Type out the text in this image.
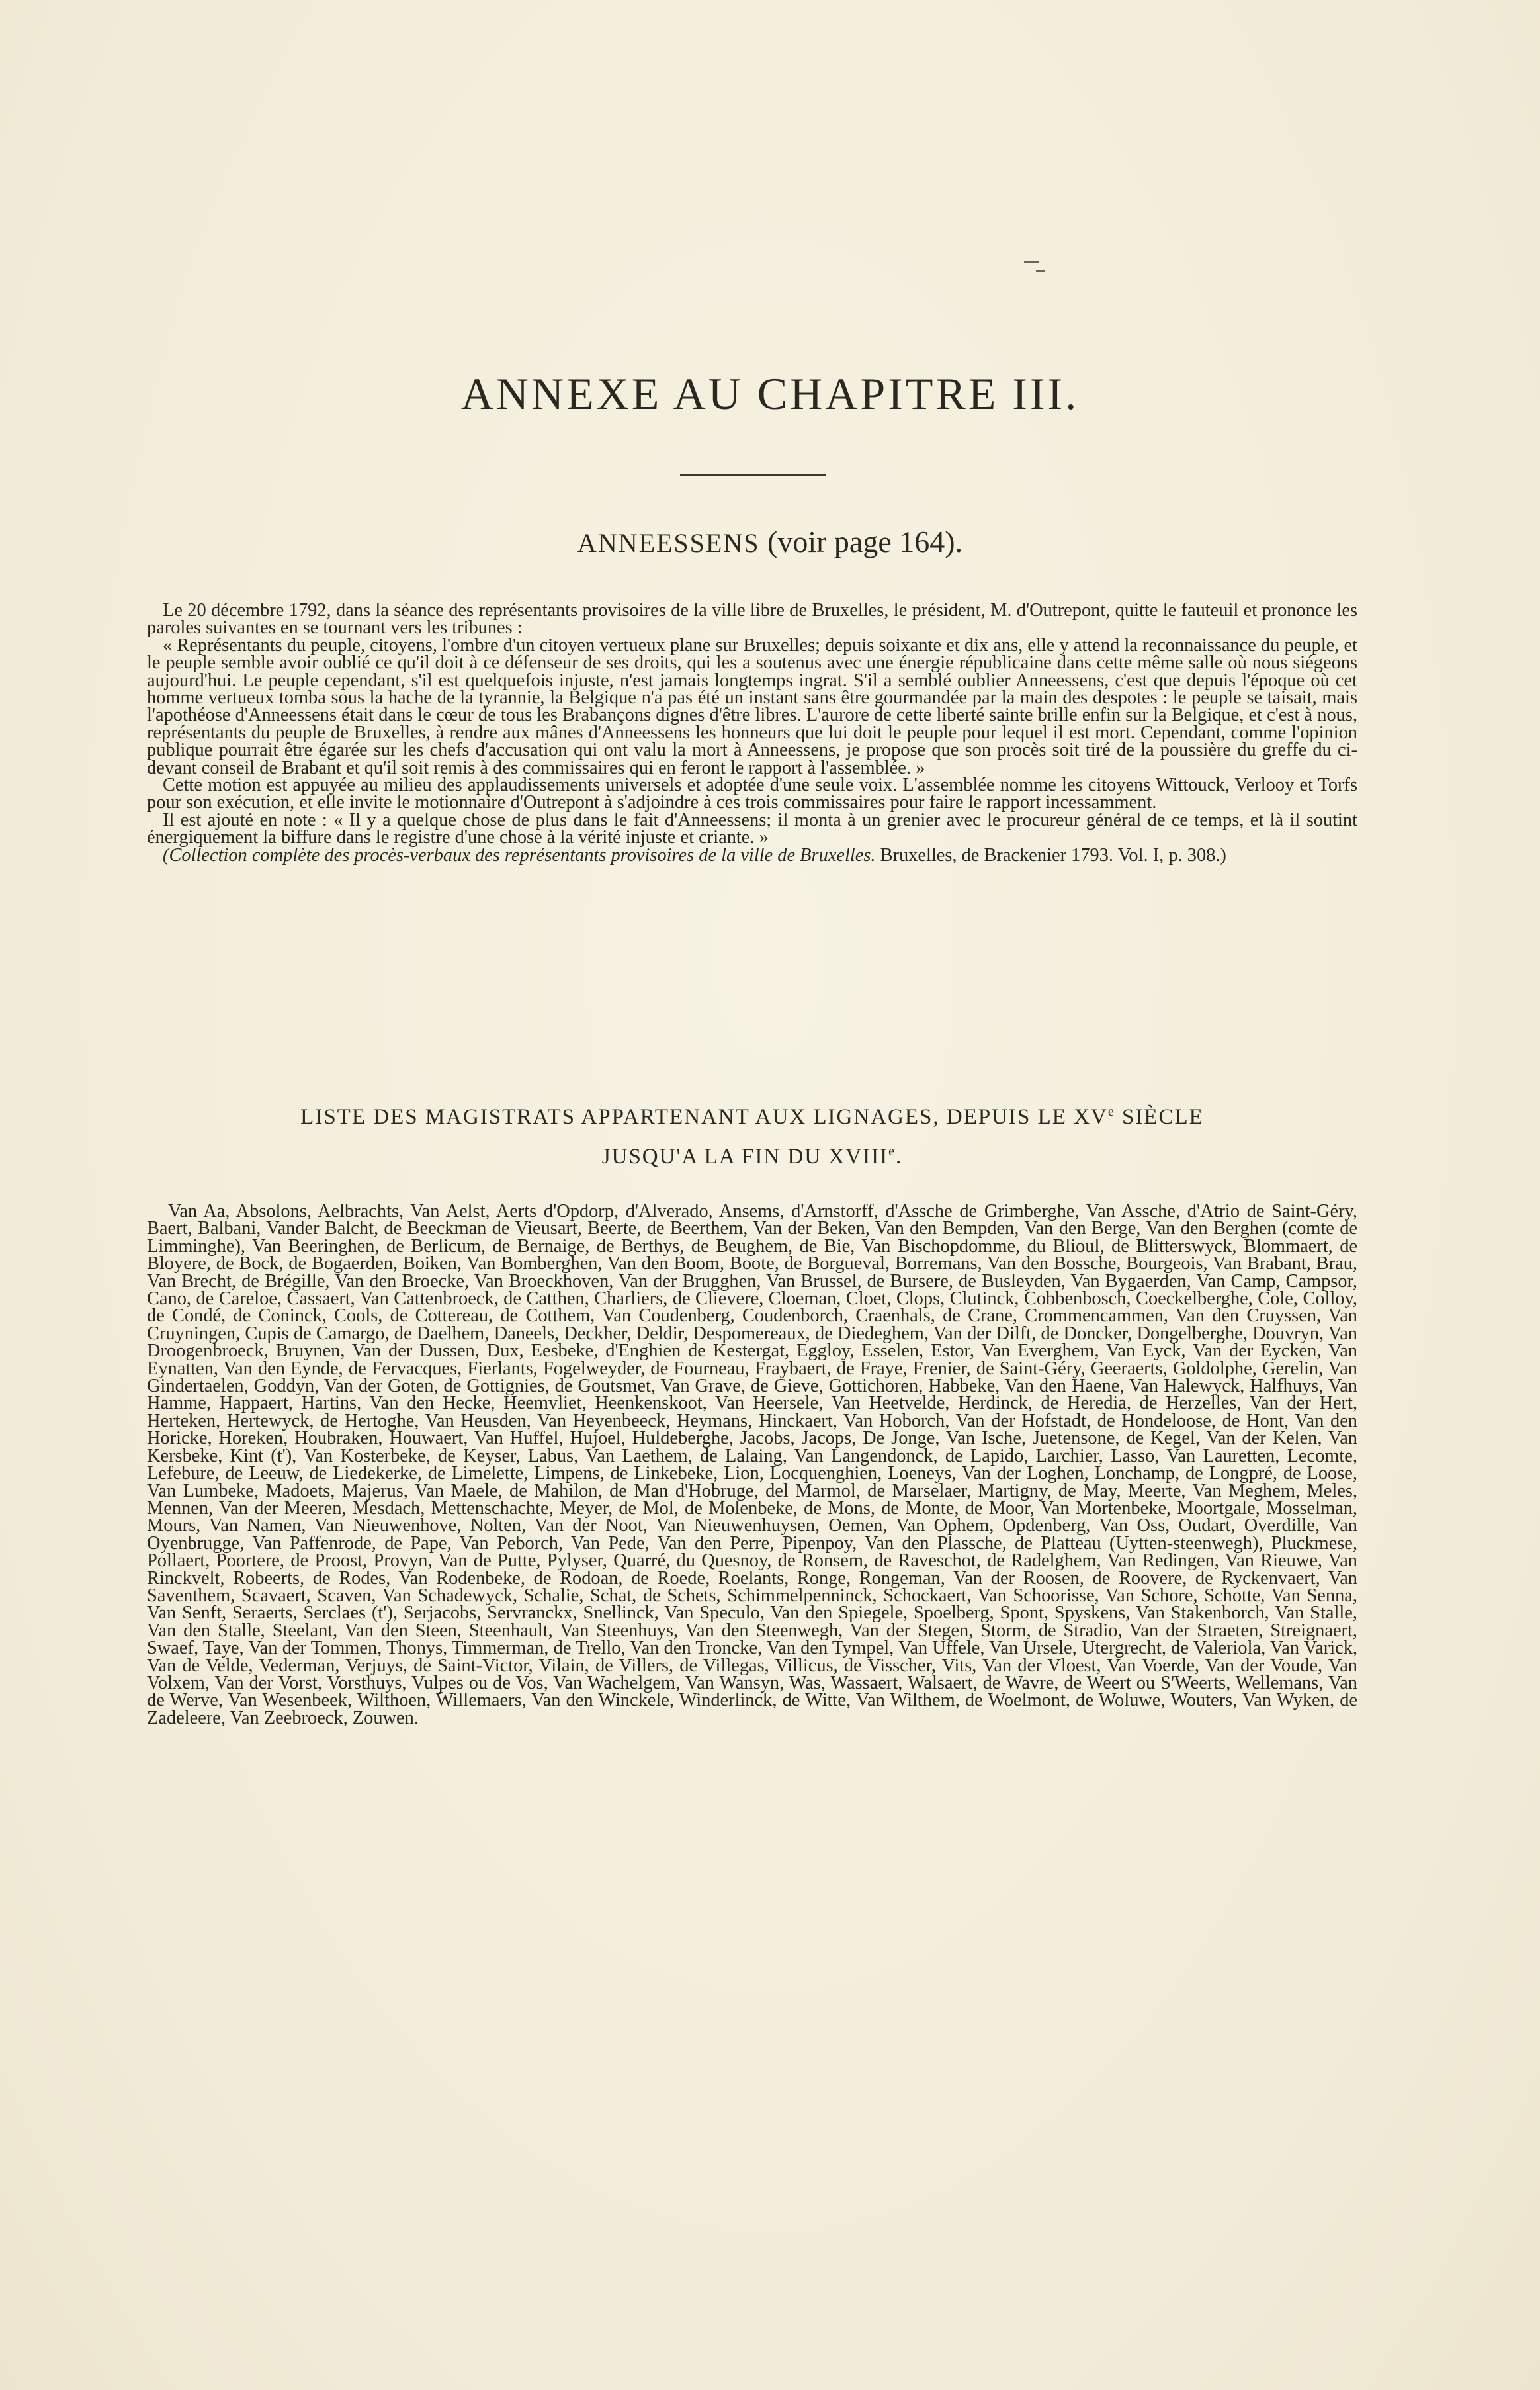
ANNEXE AU CHAPITRE III.
ANNEESSENS (voir page 164).

Le 20 décembre 1792, dans la séance des représentants provisoires de la ville libre de Bruxelles, le président, M. d'Outrepont, quitte le fauteuil et prononce les paroles suivantes en se tournant vers les tribunes :

« Représentants du peuple, citoyens, l'ombre d'un citoyen vertueux plane sur Bruxelles; depuis soixante et dix ans, elle y attend la reconnaissance du peuple, et le peuple semble avoir oublié ce qu'il doit à ce défenseur de ses droits, qui les a soutenus avec une énergie républicaine dans cette même salle où nous siégeons aujourd'hui. Le peuple cependant, s'il est quelquefois injuste, n'est jamais longtemps ingrat. S'il a semblé oublier Anneessens, c'est que depuis l'époque où cet homme vertueux tomba sous la hache de la tyrannie, la Belgique n'a pas été un instant sans être gourmandée par la main des despotes : le peuple se taisait, mais l'apothéose d'Anneessens était dans le cœur de tous les Brabançons dignes d'être libres. L'aurore de cette liberté sainte brille enfin sur la Belgique, et c'est à nous, représentants du peuple de Bruxelles, à rendre aux mânes d'Anneessens les honneurs que lui doit le peuple pour lequel il est mort. Cependant, comme l'opinion publique pourrait être égarée sur les chefs d'accusation qui ont valu la mort à Anneessens, je propose que son procès soit tiré de la poussière du greffe du ci-devant conseil de Brabant et qu'il soit remis à des commissaires qui en feront le rapport à l'assemblée. »

Cette motion est appuyée au milieu des applaudissements universels et adoptée d'une seule voix. L'assemblée nomme les citoyens Wittouck, Verlooy et Torfs pour son exécution, et elle invite le motionnaire d'Outrepont à s'adjoindre à ces trois commissaires pour faire le rapport incessamment.

Il est ajouté en note : « Il y a quelque chose de plus dans le fait d'Anneessens; il monta à un grenier avec le procureur général de ce temps, et là il soutint énergiquement la biffure dans le registre d'une chose à la vérité injuste et criante. »

(Collection complète des procès-verbaux des représentants provisoires de la ville de Bruxelles. Bruxelles, de Brackenier 1793. Vol. I, p. 308.)

LISTE DES MAGISTRATS APPARTENANT AUX LIGNAGES, DEPUIS LE XVe SIÈCLE
JUSQU'A LA FIN DU XVIIIe.

Van Aa, Absolons, Aelbrachts, Van Aelst, Aerts d'Opdorp, d'Alverado, Ansems, d'Arnstorff, d'Assche de Grimberghe, Van Assche, d'Atrio de Saint-Géry, Baert, Balbani, Vander Balcht, de Beeckman de Vieusart, Beerte, de Beerthem, Van der Beken, Van den Bempden, Van den Berge, Van den Berghen (comte de Limminghe), Van Beeringhen, de Berlicum, de Bernaige, de Berthys, de Beughem, de Bie, Van Bischopdomme, du Blioul, de Blitterswyck, Blommaert, de Bloyere, de Bock, de Bogaerden, Boiken, Van Bomberghen, Van den Boom, Boote, de Borgueval, Borremans, Van den Bossche, Bourgeois, Van Brabant, Brau, Van Brecht, de Brégille, Van den Broecke, Van Broeckhoven, Van der Brugghen, Van Brussel, de Bursere, de Busleyden, Van Bygaerden, Van Camp, Campsor, Cano, de Careloe, Cassaert, Van Cattenbroeck, de Catthen, Charliers, de Clievere, Cloeman, Cloet, Clops, Clutinck, Cobbenbosch, Coeckelberghe, Cole, Colloy, de Condé, de Coninck, Cools, de Cottereau, de Cotthem, Van Coudenberg, Coudenborch, Craenhals, de Crane, Crommencammen, Van den Cruyssen, Van Cruyningen, Cupis de Camargo, de Daelhem, Daneels, Deckher, Deldir, Despomereaux, de Diedeghem, Van der Dilft, de Doncker, Dongelberghe, Douvryn, Van Droogenbroeck, Bruynen, Van der Dussen, Dux, Eesbeke, d'Enghien de Kestergat, Eggloy, Esselen, Estor, Van Everghem, Van Eyck, Van der Eycken, Van Eynatten, Van den Eynde, de Fervacques, Fierlants, Fogelweyder, de Fourneau, Fraybaert, de Fraye, Frenier, de Saint-Géry, Geeraerts, Goldolphe, Gerelin, Van Gindertaelen, Goddyn, Van der Goten, de Gottignies, de Goutsmet, Van Grave, de Gieve, Gottichoren, Habbeke, Van den Haene, Van Halewyck, Halfhuys, Van Hamme, Happaert, Hartins, Van den Hecke, Heemvliet, Heenkenskoot, Van Heersele, Van Heetvelde, Herdinck, de Heredia, de Herzelles, Van der Hert, Herteken, Hertewyck, de Hertoghe, Van Heusden, Van Heyenbeeck, Heymans, Hinckaert, Van Hoborch, Van der Hofstadt, de Hondeloose, de Hont, Van den Horicke, Horeken, Houbraken, Houwaert, Van Huffel, Hujoel, Huldeberghe, Jacobs, Jacops, De Jonge, Van Ische, Juetensone, de Kegel, Van der Kelen, Van Kersbeke, Kint (t'), Van Kosterbeke, de Keyser, Labus, Van Laethem, de Lalaing, Van Langendonck, de Lapido, Larchier, Lasso, Van Lauretten, Lecomte, Lefebure, de Leeuw, de Liedekerke, de Limelette, Limpens, de Linkebeke, Lion, Locquenghien, Loeneys, Van der Loghen, Lonchamp, de Longpré, de Loose, Van Lumbeke, Madoets, Majerus, Van Maele, de Mahilon, de Man d'Hobruge, del Marmol, de Marselaer, Martigny, de May, Meerte, Van Meghem, Meles, Mennen, Van der Meeren, Mesdach, Mettenschachte, Meyer, de Mol, de Molenbeke, de Mons, de Monte, de Moor, Van Mortenbeke, Moortgale, Mosselman, Mours, Van Namen, Van Nieuwenhove, Nolten, Van der Noot, Van Nieuwenhuysen, Oemen, Van Ophem, Opdenberg, Van Oss, Oudart, Overdille, Van Oyenbrugge, Van Paffenrode, de Pape, Van Peborch, Van Pede, Van den Perre, Pipenpoy, Van den Plassche, de Platteau (Uytten-steenwegh), Pluckmese, Pollaert, Poortere, de Proost, Provyn, Van de Putte, Pylyser, Quarré, du Quesnoy, de Ronsem, de Raveschot, de Radelghem, Van Redingen, Van Rieuwe, Van Rinckvelt, Robeerts, de Rodes, Van Rodenbeke, de Rodoan, de Roede, Roelants, Ronge, Rongeman, Van der Roosen, de Roovere, de Ryckenvaert, Van Saventhem, Scavaert, Scaven, Van Schadewyck, Schalie, Schat, de Schets, Schimmelpenninck, Schockaert, Van Schoorisse, Van Schore, Schotte, Van Senna, Van Senft, Seraerts, Serclaes (t'), Serjacobs, Servranckx, Snellinck, Van Speculo, Van den Spiegele, Spoelberg, Spont, Spyskens, Van Stakenborch, Van Stalle, Van den Stalle, Steelant, Van den Steen, Steenhault, Van Steenhuys, Van den Steenwegh, Van der Stegen, Storm, de Stradio, Van der Straeten, Streignaert, Swaef, Taye, Van der Tommen, Thonys, Timmerman, de Trello, Van den Troncke, Van den Tympel, Van Uffele, Van Ursele, Utergrecht, de Valeriola, Van Varick, Van de Velde, Vederman, Verjuys, de Saint-Victor, Vilain, de Villers, de Villegas, Villicus, de Visscher, Vits, Van der Vloest, Van Voerde, Van der Voude, Van Volxem, Van der Vorst, Vorsthuys, Vulpes ou de Vos, Van Wachelgem, Van Wansyn, Was, Wassaert, Walsaert, de Wavre, de Weert ou S'Weerts, Wellemans, Van de Werve, Van Wesenbeek, Wilthoen, Willemaers, Van den Winckele, Winderlinck, de Witte, Van Wilthem, de Woelmont, de Woluwe, Wouters, Van Wyken, de Zadeleere, Van Zeebroeck, Zouwen.
